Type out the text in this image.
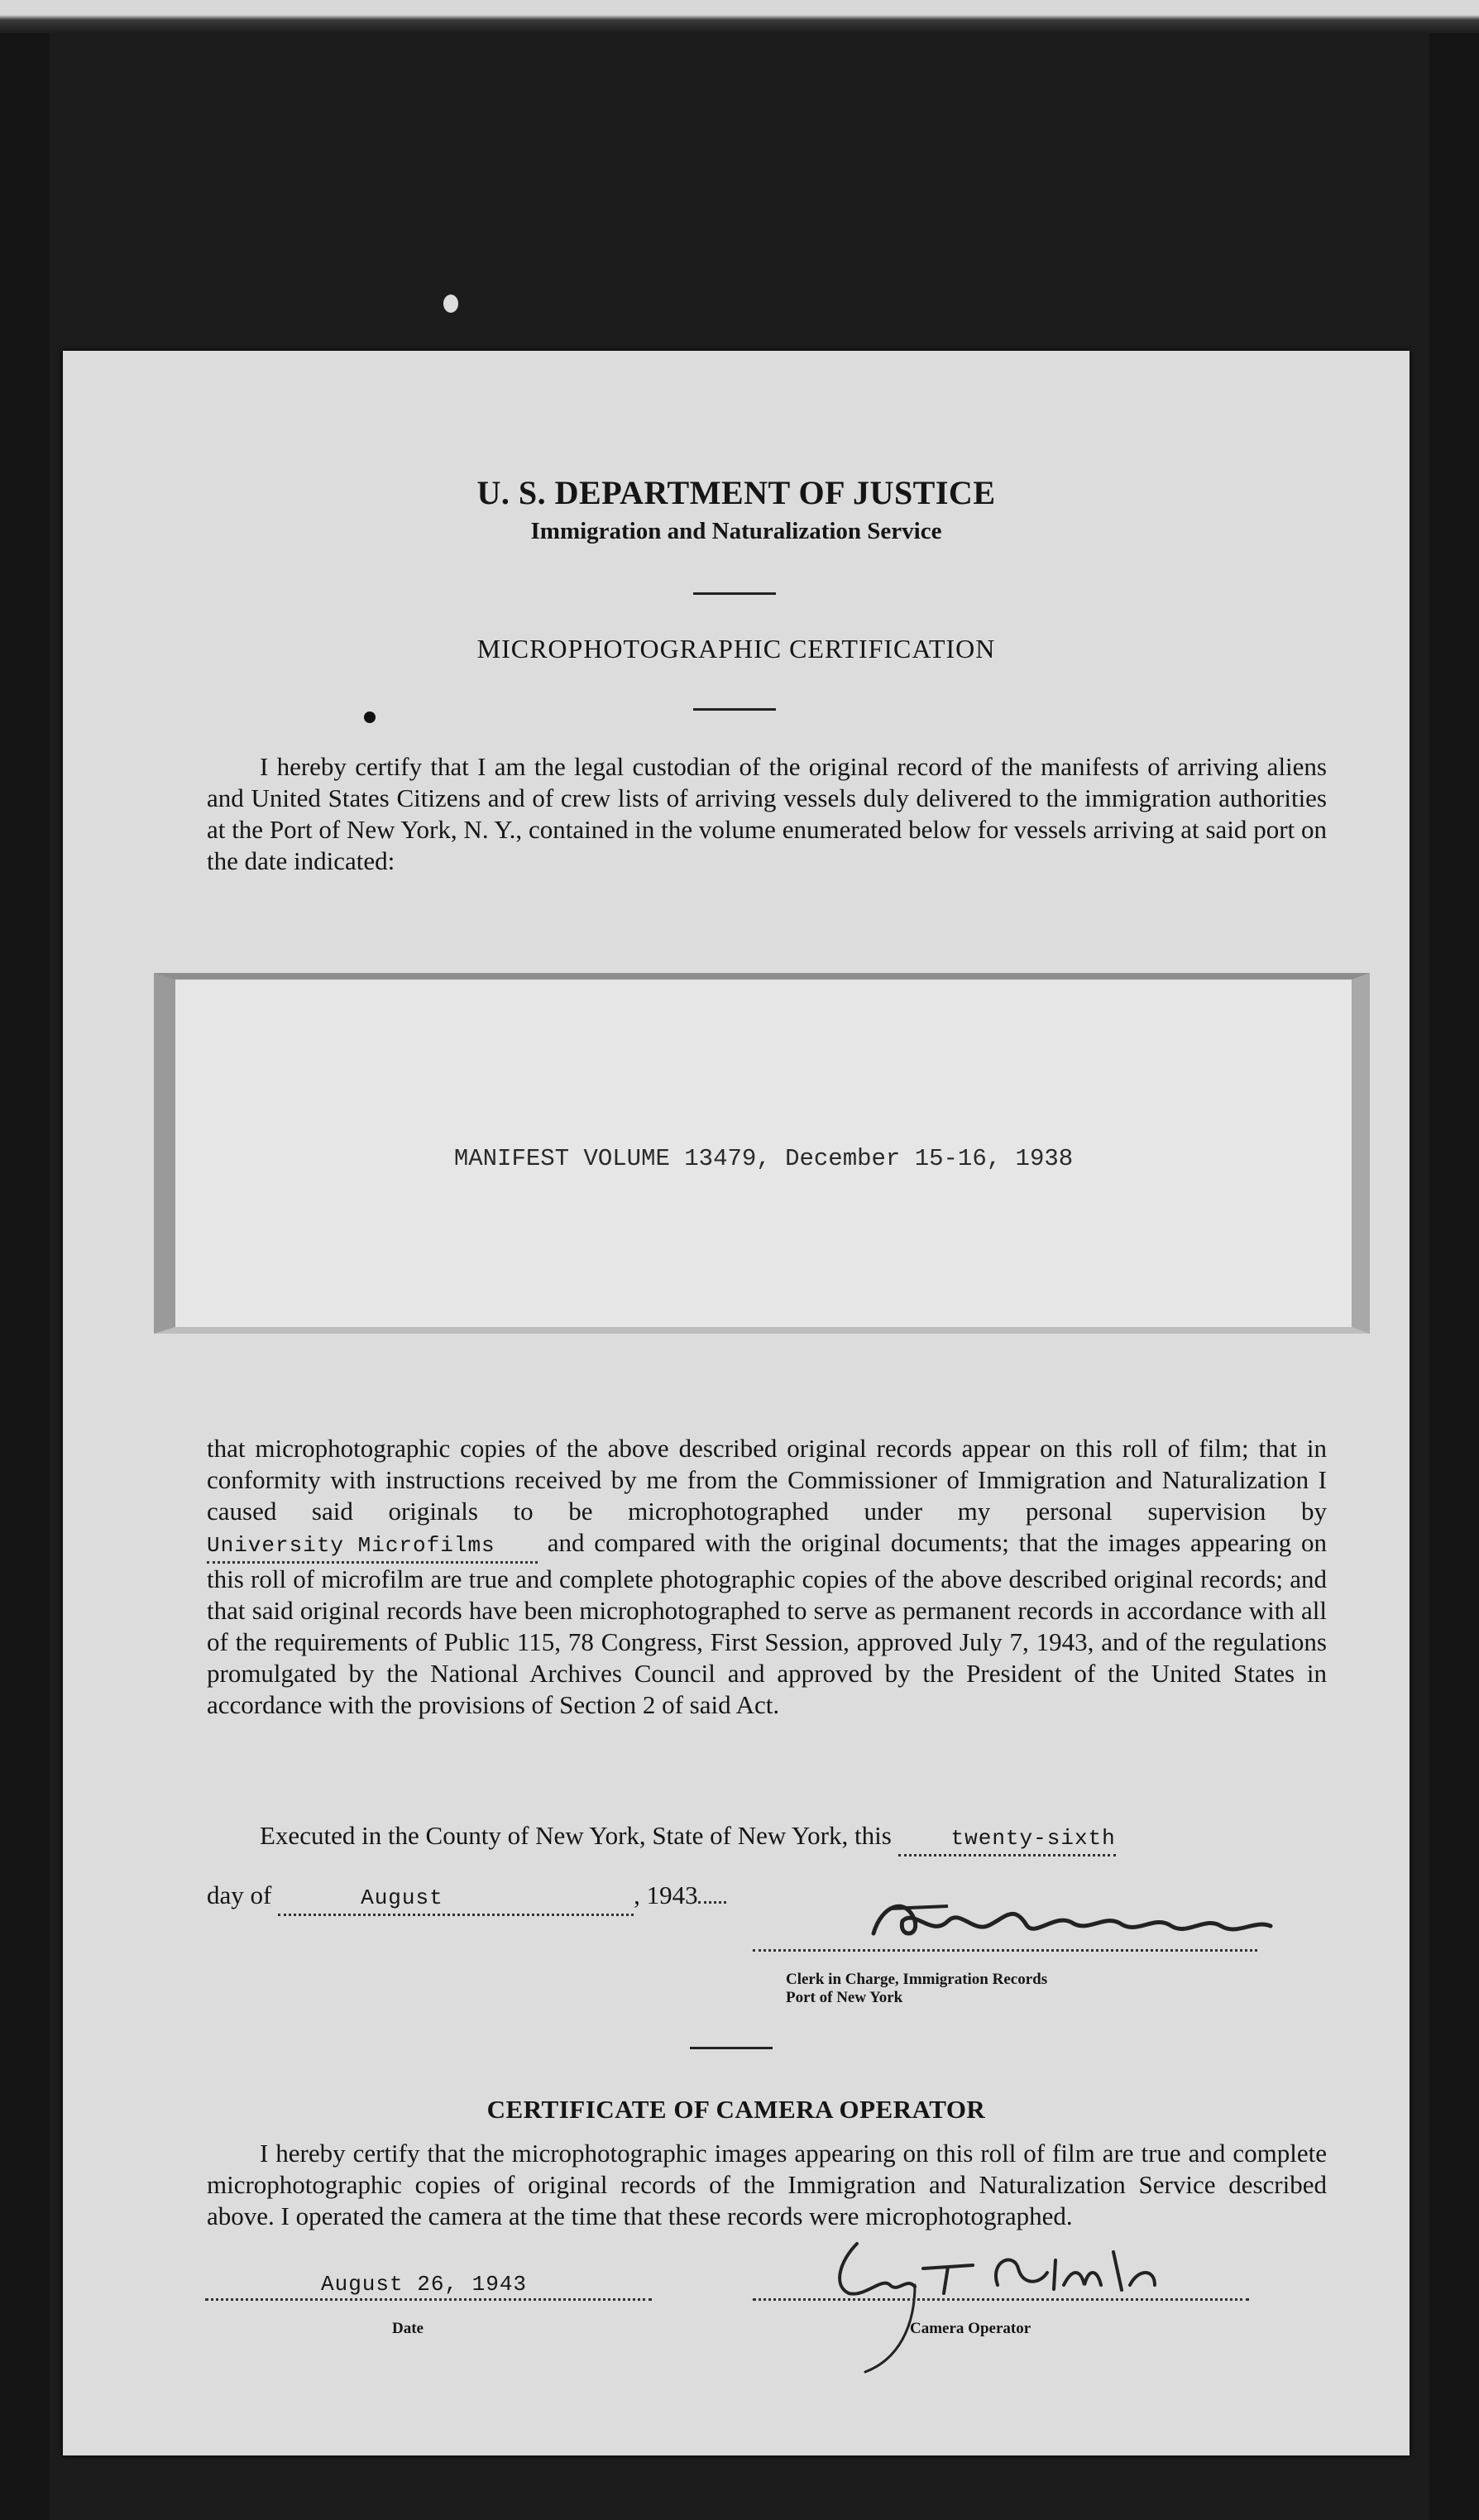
U. S. DEPARTMENT OF JUSTICE
Immigration and Naturalization Service
MICROPHOTOGRAPHIC CERTIFICATION
I hereby certify that I am the legal custodian of the original record of the manifests of arriving aliens and United States Citizens and of crew lists of arriving vessels duly delivered to the immigration authorities at the Port of New York, N. Y., contained in the volume enumerated below for vessels arriving at said port on the date indicated:
MANIFEST VOLUME 13479, December 15-16, 1938
that microphotographic copies of the above described original records appear on this roll of film; that in conformity with instructions received by me from the Commissioner of Immigration and Naturalization I caused said originals to be microphotographed under my personal supervision byUniversity Microfilms and compared with the original documents; that the images appearing on this roll of microfilm are true and complete photographic copies of the above described original records; and that said original records have been microphotographed to serve as permanent records in accordance with all of the requirements of Public 115, 78 Congress, First Session, approved July 7, 1943, and of the regulations promulgated by the National Archives Council and approved by the President of the United States in accordance with the provisions of Section 2 of said Act.
Executed in the County of New York, State of New York, this	twenty-sixth
day of	August	, 1943
Clerk in Charge, Immigration Records
Port of New York
CERTIFICATE OF CAMERA OPERATOR
I hereby certify that the microphotographic images appearing on this roll of film are true and complete microphotographic copies of original records of the Immigration and Naturalization Service described above. I operated the camera at the time that these records were microphotographed.
August 26, 1943
Date	Camera Operator
